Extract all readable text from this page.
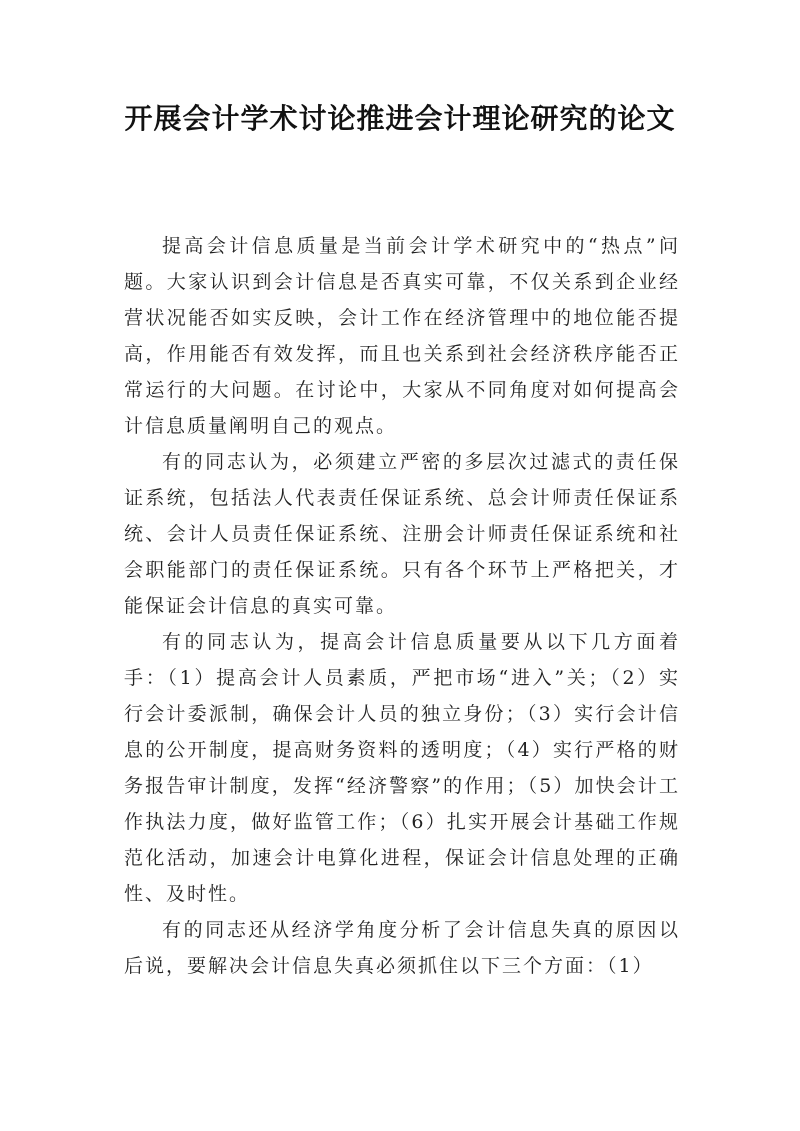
开展会计学术讨论推进会计理论研究的论文

提高会计信息质量是当前会计学术研究中的“热点”问题。大家认识到会计信息是否真实可靠，不仅关系到企业经营状况能否如实反映，会计工作在经济管理中的地位能否提高，作用能否有效发挥，而且也关系到社会经济秩序能否正常运行的大问题。在讨论中，大家从不同角度对如何提高会计信息质量阐明自己的观点。

有的同志认为，必须建立严密的多层次过滤式的责任保证系统，包括法人代表责任保证系统、总会计师责任保证系统、会计人员责任保证系统、注册会计师责任保证系统和社会职能部门的责任保证系统。只有各个环节上严格把关，才能保证会计信息的真实可靠。

有的同志认为，提高会计信息质量要从以下几方面着手：（1）提高会计人员素质，严把市场“进入”关；（2）实行会计委派制，确保会计人员的独立身份；（3）实行会计信息的公开制度，提高财务资料的透明度；（4）实行严格的财务报告审计制度，发挥“经济警察”的作用；（5）加快会计工作执法力度，做好监管工作；（6）扎实开展会计基础工作规范化活动，加速会计电算化进程，保证会计信息处理的正确性、及时性。

有的同志还从经济学角度分析了会计信息失真的原因以后说，要解决会计信息失真必须抓住以下三个方面：（1）
